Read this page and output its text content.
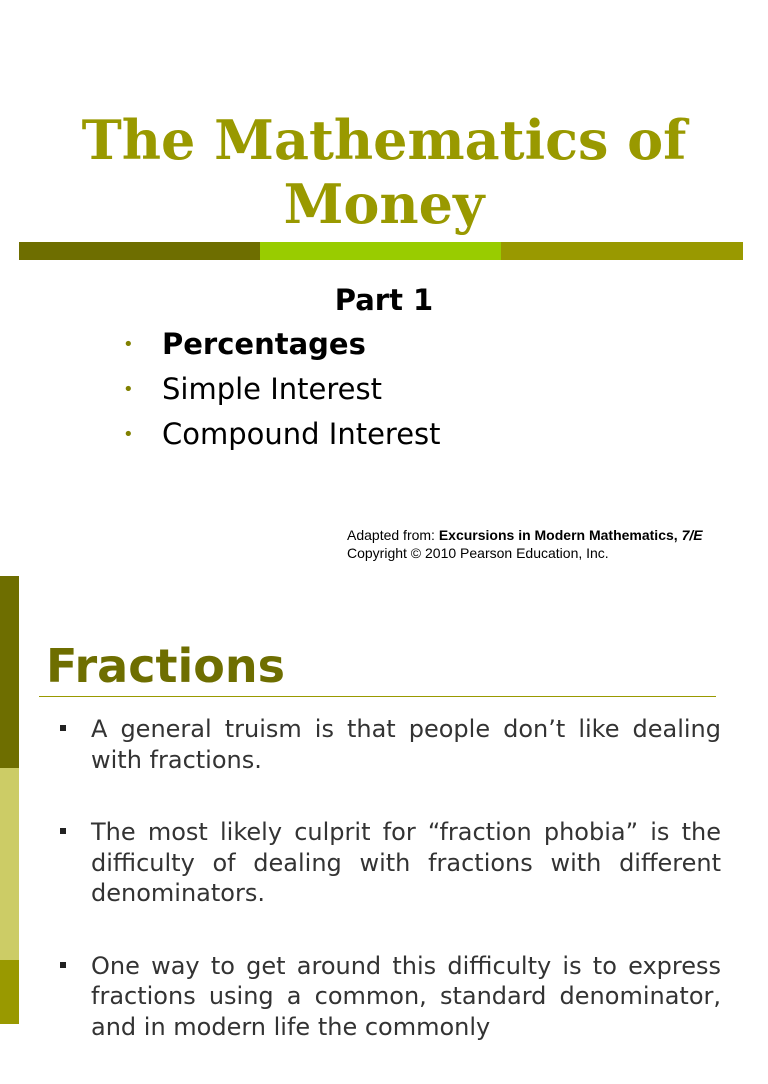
The Mathematics of
Money
Part 1
• Percentages
• Simple Interest
• Compound Interest
Adapted from: Excursions in Modern Mathematics, 7/E
Copyright © 2010 Pearson Education, Inc.
Fractions
A general truism is that people don’t like dealing with fractions.
The most likely culprit for “fraction phobia” is the difficulty of dealing with fractions with different denominators.
One way to get around this difficulty is to express fractions using a common, standard denominator, and in modern life the commonly
